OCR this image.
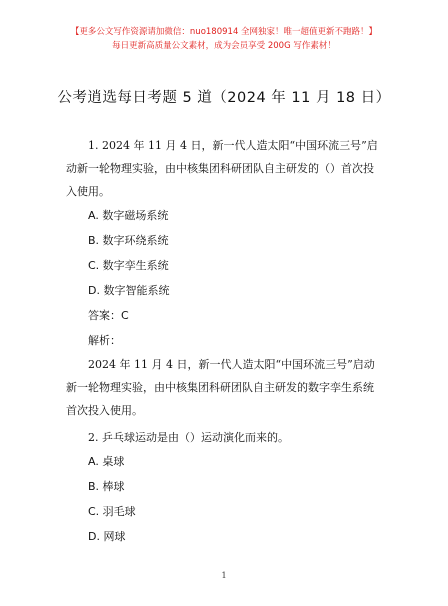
【更多公文写作资源请加微信：nuo180914 全网独家！唯一超值更新不跑路！】
每日更新高质量公文素材，成为会员享受 200G 写作素材！
公考逍选每日考题 5 道（2024 年 11 月 18 日）

1. 2024 年 11 月 4 日，新一代人造太阳“中国环流三号”启动新一轮物理实验，由中核集团科研团队自主研发的（）首次投入使用。

A. 数字磁场系统

B. 数字环绕系统

C. 数字孪生系统

D. 数字智能系统

答案：C

解析：

2024 年 11 月 4 日，新一代人造太阳“中国环流三号”启动新一轮物理实验，由中核集团科研团队自主研发的数字孪生系统首次投入使用。

2. 乒乓球运动是由（）运动演化而来的。

A. 桌球

B. 棒球

C. 羽毛球

D. 网球

1
